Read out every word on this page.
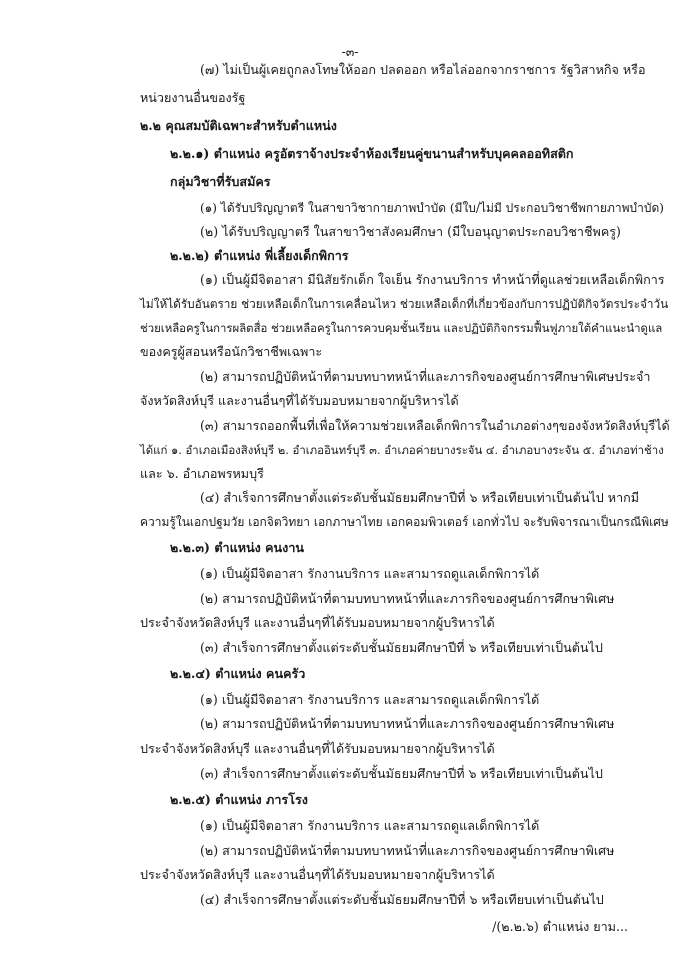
-๓-
(๗) ไม่เป็นผู้เคยถูกลงโทษให้ออก ปลดออก หรือไล่ออกจากราชการ รัฐวิสาหกิจ หรือ
หน่วยงานอื่นของรัฐ
๒.๒ คุณสมบัติเฉพาะสำหรับตำแหน่ง
๒.๒.๑) ตำแหน่ง ครูอัตราจ้างประจำห้องเรียนคู่ขนานสำหรับบุคคลออทิสติก
กลุ่มวิชาที่รับสมัคร
(๑) ได้รับปริญญาตรี ในสาขาวิชากายภาพบำบัด (มีใบ/ไม่มี ประกอบวิชาชีพกายภาพบำบัด)
(๒) ได้รับปริญญาตรี ในสาขาวิชาสังคมศึกษา (มีใบอนุญาตประกอบวิชาชีพครู)
๒.๒.๒) ตำแหน่ง พี่เลี้ยงเด็กพิการ
(๑) เป็นผู้มีจิตอาสา มีนิสัยรักเด็ก ใจเย็น รักงานบริการ ทำหน้าที่ดูแลช่วยเหลือเด็กพิการ
ไม่ให้ได้รับอันตราย ช่วยเหลือเด็กในการเคลื่อนไหว ช่วยเหลือเด็กที่เกี่ยวข้องกับการปฏิบัติกิจวัตรประจำวัน
ช่วยเหลือครูในการผลิตสื่อ ช่วยเหลือครูในการควบคุมชั้นเรียน และปฏิบัติกิจกรรมฟื้นฟูภายใต้คำแนะนำดูแล
ของครูผู้สอนหรือนักวิชาชีพเฉพาะ
(๒) สามารถปฏิบัติหน้าที่ตามบทบาทหน้าที่และภารกิจของศูนย์การศึกษาพิเศษประจำ
จังหวัดสิงห์บุรี และงานอื่นๆที่ได้รับมอบหมายจากผู้บริหารได้
(๓) สามารถออกพื้นที่เพื่อให้ความช่วยเหลือเด็กพิการในอำเภอต่างๆของจังหวัดสิงห์บุรีได้
ได้แก่ ๑. อำเภอเมืองสิงห์บุรี ๒. อำเภออินทร์บุรี ๓. อำเภอค่ายบางระจัน ๔. อำเภอบางระจัน ๕. อำเภอท่าช้าง
และ ๖. อำเภอพรหมบุรี
(๔) สำเร็จการศึกษาตั้งแต่ระดับชั้นมัธยมศึกษาปีที่ ๖ หรือเทียบเท่าเป็นต้นไป หากมี
ความรู้ในเอกปฐมวัย เอกจิตวิทยา เอกภาษาไทย เอกคอมพิวเตอร์ เอกทั่วไป จะรับพิจารณาเป็นกรณีพิเศษ
๒.๒.๓) ตำแหน่ง คนงาน
(๑) เป็นผู้มีจิตอาสา รักงานบริการ และสามารถดูแลเด็กพิการได้
(๒) สามารถปฏิบัติหน้าที่ตามบทบาทหน้าที่และภารกิจของศูนย์การศึกษาพิเศษ
ประจำจังหวัดสิงห์บุรี และงานอื่นๆที่ได้รับมอบหมายจากผู้บริหารได้
(๓) สำเร็จการศึกษาตั้งแต่ระดับชั้นมัธยมศึกษาปีที่ ๖ หรือเทียบเท่าเป็นต้นไป
๒.๒.๔) ตำแหน่ง คนครัว
(๑) เป็นผู้มีจิตอาสา รักงานบริการ และสามารถดูแลเด็กพิการได้
(๒) สามารถปฏิบัติหน้าที่ตามบทบาทหน้าที่และภารกิจของศูนย์การศึกษาพิเศษ
ประจำจังหวัดสิงห์บุรี และงานอื่นๆที่ได้รับมอบหมายจากผู้บริหารได้
(๓) สำเร็จการศึกษาตั้งแต่ระดับชั้นมัธยมศึกษาปีที่ ๖ หรือเทียบเท่าเป็นต้นไป
๒.๒.๕) ตำแหน่ง ภารโรง
(๑) เป็นผู้มีจิตอาสา รักงานบริการ และสามารถดูแลเด็กพิการได้
(๒) สามารถปฏิบัติหน้าที่ตามบทบาทหน้าที่และภารกิจของศูนย์การศึกษาพิเศษ
ประจำจังหวัดสิงห์บุรี และงานอื่นๆที่ได้รับมอบหมายจากผู้บริหารได้
(๔) สำเร็จการศึกษาตั้งแต่ระดับชั้นมัธยมศึกษาปีที่ ๖ หรือเทียบเท่าเป็นต้นไป
/(๒.๒.๖) ตำแหน่ง ยาม...
